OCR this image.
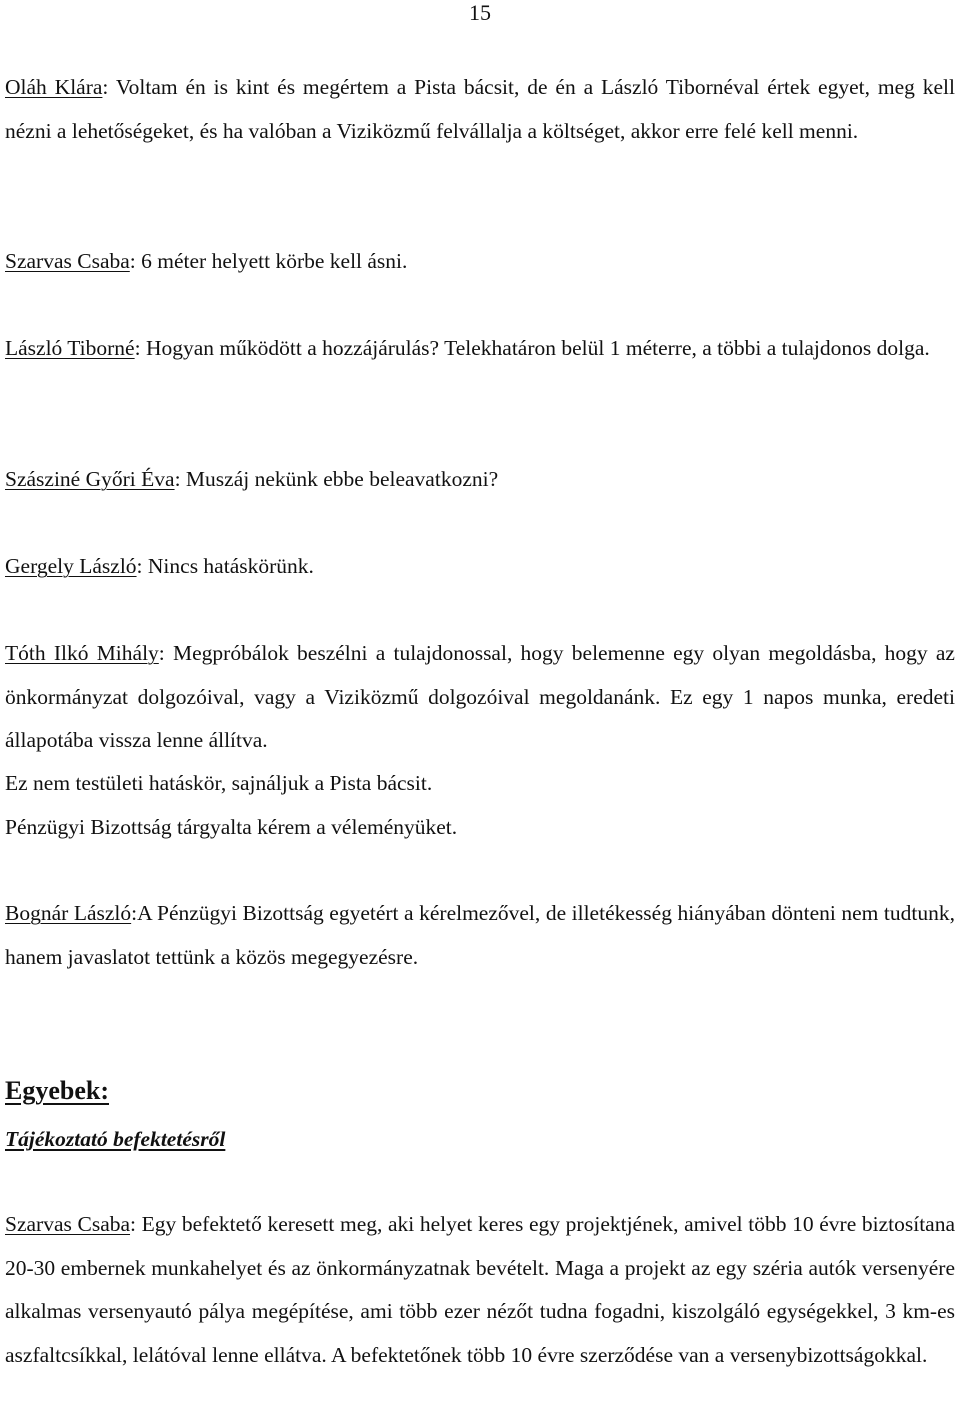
15
Oláh Klára: Voltam én is kint és megértem a Pista bácsit, de én a László Tibornéval értek egyet, meg kell nézni a lehetőségeket, és ha valóban a Viziközmű felvállalja a költséget, akkor erre felé kell menni.
Szarvas Csaba: 6 méter helyett körbe kell ásni.
László Tiborné: Hogyan működött a hozzájárulás? Telekhatáron belül 1 méterre, a többi a tulajdonos dolga.
Szásziné Győri Éva: Muszáj nekünk ebbe beleavatkozni?
Gergely László: Nincs hatáskörünk.
Tóth Ilkó Mihály: Megpróbálok beszélni a tulajdonossal, hogy belemenne egy olyan megoldásba, hogy az önkormányzat dolgozóival, vagy a Viziközmű dolgozóival megoldanánk. Ez egy 1 napos munka, eredeti állapotába vissza lenne állítva.
Ez nem testületi hatáskör, sajnáljuk a Pista bácsit.
Pénzügyi Bizottság tárgyalta kérem a véleményüket.
Bognár László:A Pénzügyi Bizottság egyetért a kérelmezővel, de illetékesség hiányában dönteni nem tudtunk, hanem javaslatot tettünk a közös megegyezésre.
Egyebek:
Tájékoztató befektetésről
Szarvas Csaba: Egy befektető keresett meg, aki helyet keres egy projektjének, amivel több 10 évre biztosítana 20-30 embernek munkahelyet és az önkormányzatnak bevételt. Maga a projekt az egy széria autók versenyére alkalmas versenyautó pálya megépítése, ami több ezer nézőt tudna fogadni, kiszolgáló egységekkel, 3 km-es aszfaltcsíkkal, lelátóval lenne ellátva. A befektetőnek több 10 évre szerződése van a versenybizottságokkal.
